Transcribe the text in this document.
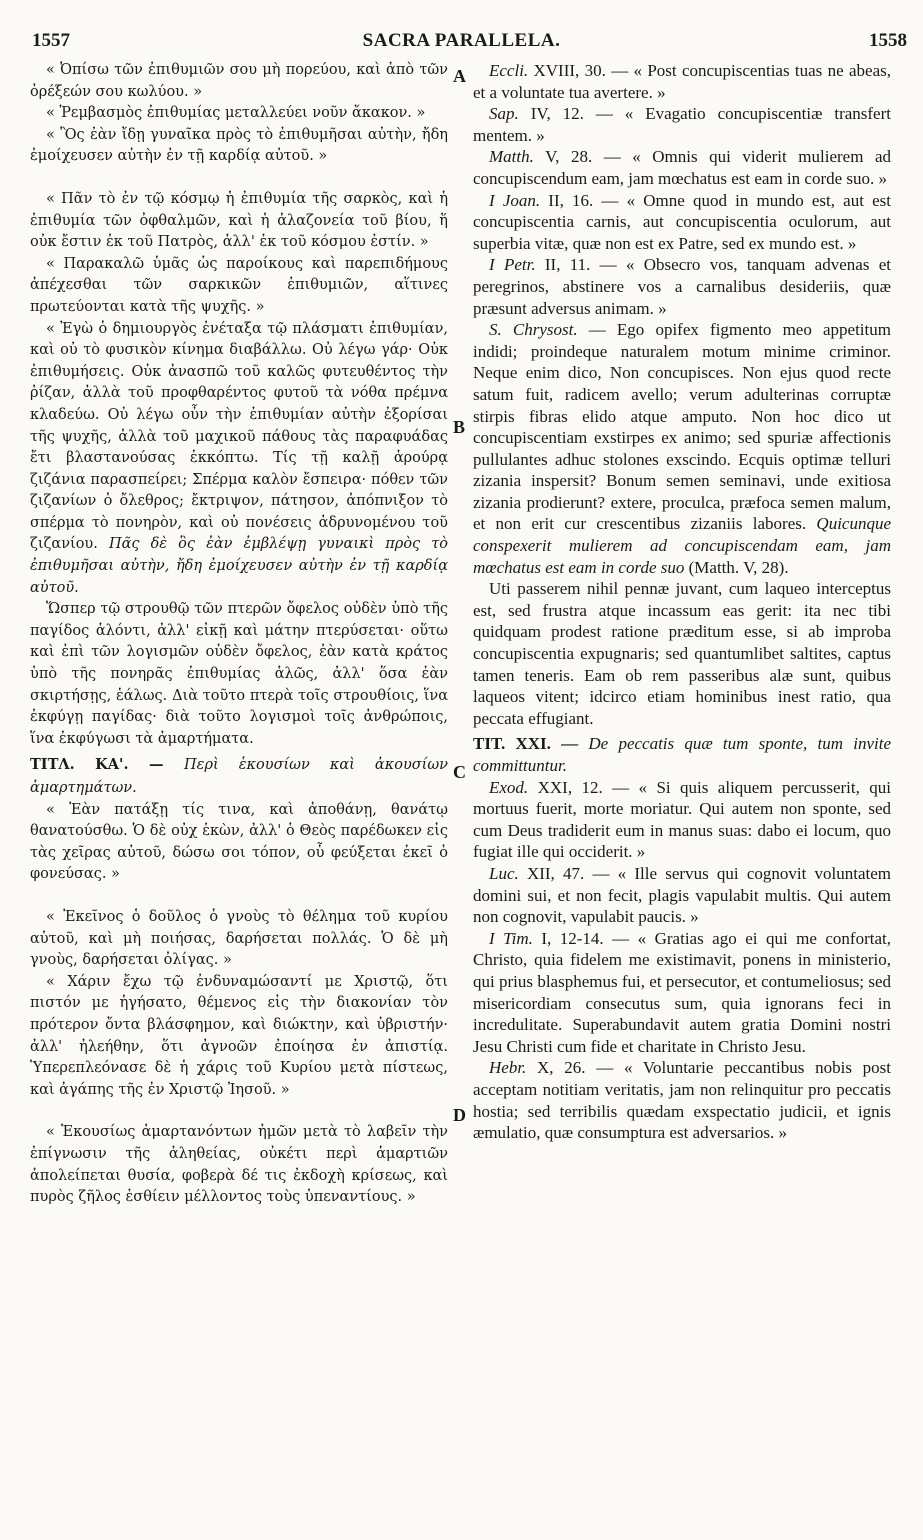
1557	SACRA PARALLELA.	1558
A
B
C
D

« Ὀπίσω τῶν ἐπιθυμιῶν σου μὴ πορεύου, καὶ ἀπὸ τῶν ὀρέξεών σου κωλύου. »

« Ῥεμβασμὸς ἐπιθυμίας μεταλλεύει νοῦν ἄκακον. »

« Ὃς ἐὰν ἴδῃ γυναῖκα πρὸς τὸ ἐπιθυμῆσαι αὐτὴν, ἤδη ἐμοίχευσεν αὐτὴν ἐν τῇ καρδίᾳ αὐτοῦ. »

« Πᾶν τὸ ἐν τῷ κόσμῳ ἡ ἐπιθυμία τῆς σαρκὸς, καὶ ἡ ἐπιθυμία τῶν ὀφθαλμῶν, καὶ ἡ ἀλαζονεία τοῦ βίου, ἥ οὐκ ἔστιν ἐκ τοῦ Πατρὸς, ἀλλ' ἐκ τοῦ κόσμου ἐστίν. »

« Παρακαλῶ ὑμᾶς ὡς παροίκους καὶ παρεπιδήμους ἀπέχεσθαι τῶν σαρκικῶν ἐπιθυμιῶν, αἵτινες πρωτεύονται κατὰ τῆς ψυχῆς. »

« Ἐγὼ ὁ δημιουργὸς ἐνέταξα τῷ πλάσματι ἐπιθυμίαν, καὶ οὐ τὸ φυσικὸν κίνημα διαβάλλω. Οὐ λέγω γάρ· Οὐκ ἐπιθυμήσεις. Οὐκ ἀνασπῶ τοῦ καλῶς φυτευθέντος τὴν ῥίζαν, ἀλλὰ τοῦ προφθαρέντος φυτοῦ τὰ νόθα πρέμνα κλαδεύω. Οὐ λέγω οὖν τὴν ἐπιθυμίαν αὐτὴν ἐξορίσαι τῆς ψυχῆς, ἀλλὰ τοῦ μαχικοῦ πάθους τὰς παραφυάδας ἔτι βλαστανούσας ἐκκόπτω. Τίς τῇ καλῇ ἀρούρᾳ ζιζάνια παρασπείρει; Σπέρμα καλὸν ἔσπειρα· πόθεν τῶν ζιζανίων ὁ ὄλεθρος; ἔκτριψον, πάτησον, ἀπόπνιξον τὸ σπέρμα τὸ πονηρὸν, καὶ οὐ πονέσεις ἀδρυνομένου τοῦ ζιζανίου. Πᾶς δὲ ὃς ἐὰν ἐμβλέψῃ γυναικὶ πρὸς τὸ ἐπιθυμῆσαι αὐτὴν, ἤδη ἐμοίχευσεν αὐτὴν ἐν τῇ καρδίᾳ αὐτοῦ.

Ὥσπερ τῷ στρουθῷ τῶν πτερῶν ὄφελος οὐδὲν ὑπὸ τῆς παγίδος ἁλόντι, ἀλλ' εἰκῇ καὶ μάτην πτερύσεται· οὕτω καὶ ἐπὶ τῶν λογισμῶν οὐδὲν ὄφελος, ἐὰν κατὰ κράτος ὑπὸ τῆς πονηρᾶς ἐπιθυμίας ἁλῶς, ἀλλ' ὅσα ἐὰν σκιρτήσῃς, ἑάλως. Διὰ τοῦτο πτερὰ τοῖς στρουθίοις, ἵνα ἐκφύγῃ παγίδας· διὰ τοῦτο λογισμοὶ τοῖς ἀνθρώποις, ἵνα ἐκφύγωσι τὰ ἁμαρτήματα.

ΤΙΤΛ. ΚΑ'. — Περὶ ἑκουσίων καὶ ἀκουσίων ἁμαρτημάτων.

« Ἐὰν πατάξῃ τίς τινα, καὶ ἀποθάνῃ, θανάτῳ θανατούσθω. Ὁ δὲ οὐχ ἑκὼν, ἀλλ' ὁ Θεὸς παρέδωκεν εἰς τὰς χεῖρας αὐτοῦ, δώσω σοι τόπον, οὗ φεύξεται ἐκεῖ ὁ φονεύσας. »

« Ἐκεῖνος ὁ δοῦλος ὁ γνοὺς τὸ θέλημα τοῦ κυρίου αὐτοῦ, καὶ μὴ ποιήσας, δαρήσεται πολλάς. Ὁ δὲ μὴ γνοὺς, δαρήσεται ὀλίγας. »

« Χάριν ἔχω τῷ ἐνδυναμώσαντί με Χριστῷ, ὅτι πιστόν με ἡγήσατο, θέμενος εἰς τὴν διακονίαν τὸν πρότερον ὄντα βλάσφημον, καὶ διώκτην, καὶ ὑβριστήν· ἀλλ' ἠλεήθην, ὅτι ἀγνοῶν ἐποίησα ἐν ἀπιστίᾳ. Ὑπερεπλεόνασε δὲ ἡ χάρις τοῦ Κυρίου μετὰ πίστεως, καὶ ἀγάπης τῆς ἐν Χριστῷ Ἰησοῦ. »

« Ἑκουσίως ἁμαρτανόντων ἡμῶν μετὰ τὸ λαβεῖν τὴν ἐπίγνωσιν τῆς ἀληθείας, οὐκέτι περὶ ἁμαρτιῶν ἀπολείπεται θυσία, φοβερὰ δέ τις ἐκδοχὴ κρίσεως, καὶ πυρὸς ζῆλος ἐσθίειν μέλλοντος τοὺς ὑπεναντίους. »

Eccli. XVIII, 30. — « Post concupiscentias tuas ne abeas, et a voluntate tua avertere. »

Sap. IV, 12. — « Evagatio concupiscentiæ transfert mentem. »

Matth. V, 28. — « Omnis qui viderit mulierem ad concupiscendum eam, jam mœchatus est eam in corde suo. »

I Joan. II, 16. — « Omne quod in mundo est, aut est concupiscentia carnis, aut concupiscentia oculorum, aut superbia vitæ, quæ non est ex Patre, sed ex mundo est. »

I Petr. II, 11. — « Obsecro vos, tanquam advenas et peregrinos, abstinere vos a carnalibus desideriis, quæ præsunt adversus animam. »

S. Chrysost. — Ego opifex figmento meo appetitum indidi; proindeque naturalem motum minime criminor. Neque enim dico, Non concupisces. Non ejus quod recte satum fuit, radicem avello; verum adulterinas corruptæ stirpis fibras elido atque amputo. Non hoc dico ut concupiscentiam exstirpes ex animo; sed spuriæ affectionis pullulantes adhuc stolones exscindo. Ecquis optimæ telluri zizania inspersit? Bonum semen seminavi, unde exitiosa zizania prodierunt? extere, proculca, præfoca semen malum, et non erit cur crescentibus zizaniis labores. Quicunque conspexerit mulierem ad concupiscendam eam, jam mœchatus est eam in corde suo (Matth. V, 28).

Uti passerem nihil pennæ juvant, cum laqueo interceptus est, sed frustra atque incassum eas gerit: ita nec tibi quidquam prodest ratione præditum esse, si ab improba concupiscentia expugnaris; sed quantumlibet saltites, captus tamen teneris. Eam ob rem passeribus alæ sunt, quibus laqueos vitent; idcirco etiam hominibus inest ratio, qua peccata effugiant.

TIT. XXI. — De peccatis quæ tum sponte, tum invite committuntur.

Exod. XXI, 12. — « Si quis aliquem percusserit, qui mortuus fuerit, morte moriatur. Qui autem non sponte, sed cum Deus tradiderit eum in manus suas: dabo ei locum, quo fugiat ille qui occiderit. »

Luc. XII, 47. — « Ille servus qui cognovit voluntatem domini sui, et non fecit, plagis vapulabit multis. Qui autem non cognovit, vapulabit paucis. »

I Tim. I, 12-14. — « Gratias ago ei qui me confortat, Christo, quia fidelem me existimavit, ponens in ministerio, qui prius blasphemus fui, et persecutor, et contumeliosus; sed misericordiam consecutus sum, quia ignorans feci in incredulitate. Superabundavit autem gratia Domini nostri Jesu Christi cum fide et charitate in Christo Jesu.

Hebr. X, 26. — « Voluntarie peccantibus nobis post acceptam notitiam veritatis, jam non relinquitur pro peccatis hostia; sed terribilis quædam exspectatio judicii, et ignis æmulatio, quæ consumptura est adversarios. »
